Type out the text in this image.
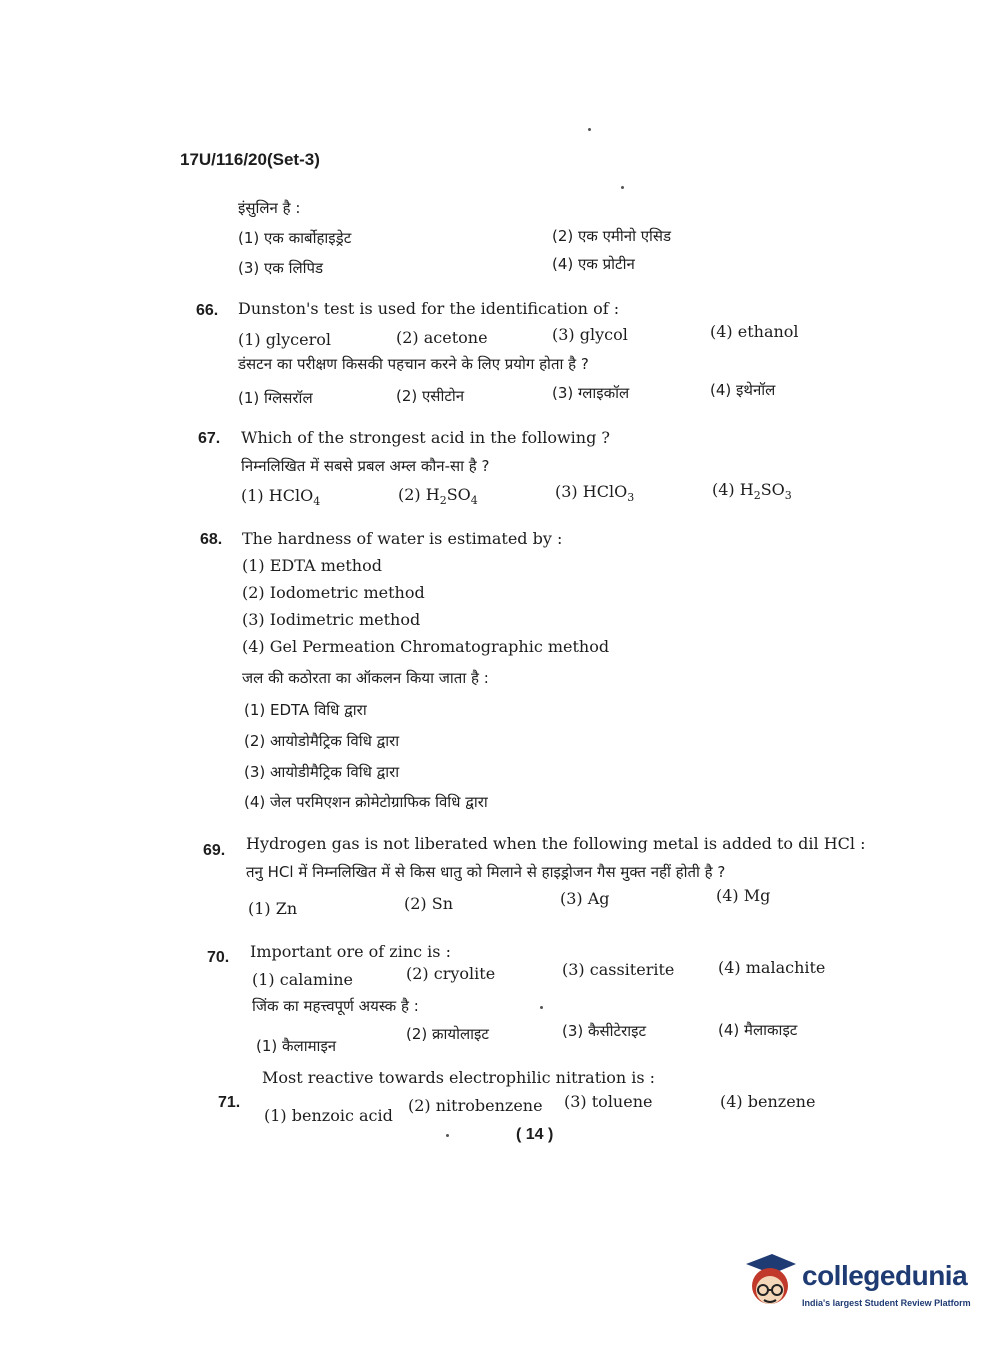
17U/116/20(Set-3)
इंसुलिन है :
(1) एक कार्बोहाइड्रेट	(2) एक एमीनो एसिड
(3) एक लिपिड	(4) एक प्रोटीन
66. Dunston's test is used for the identification of :
(1) glycerol	(2) acetone	(3) glycol	(4) ethanol
डंसटन का परीक्षण किसकी पहचान करने के लिए प्रयोग होता है ?
(1) ग्लिसरॉल	(2) एसीटोन	(3) ग्लाइकॉल	(4) इथेनॉल
67. Which of the strongest acid in the following ?
निम्नलिखित में सबसे प्रबल अम्ल कौन-सा है ?
(1) HClO$_4$	(2) $H_2SO_4$	(3) HClO$_3$	(4) $H_2SO_3$
68. The hardness of water is estimated by :
(1) EDTA method
(2) Iodometric method
(3) Iodimetric method
(4) Gel Permeation Chromatographic method
जल की कठोरता का ऑकलन किया जाता है :
(1) EDTA विधि द्वारा
(2) आयोडोमैट्रिक विधि द्वारा
(3) आयोडीमैट्रिक विधि द्वारा
(4) जेल परमिएशन क्रोमेटोग्राफिक विधि द्वारा
69. Hydrogen gas is not liberated when the following metal is added to dil HCl :
तनु HCl में निम्नलिखित में से किस धातु को मिलाने से हाइड्रोजन गैस मुक्त नहीं होती है ?
(1) Zn	(2) Sn	(3) Ag	(4) Mg
70. Important ore of zinc is :
(1) calamine	(2) cryolite	(3) cassiterite	(4) malachite
जिंक का महत्त्वपूर्ण अयस्क है :
(1) कैलामाइन
(2) क्रायोलाइट	(3) कैसीटेराइट	(4) मैलाकाइट
71.
Most reactive towards electrophilic nitration is :
(1) benzoic acid
(2) nitrobenzene (3) toluene	(4) benzene
( 14 )
collegedunia
India's largest Student Review Platform
